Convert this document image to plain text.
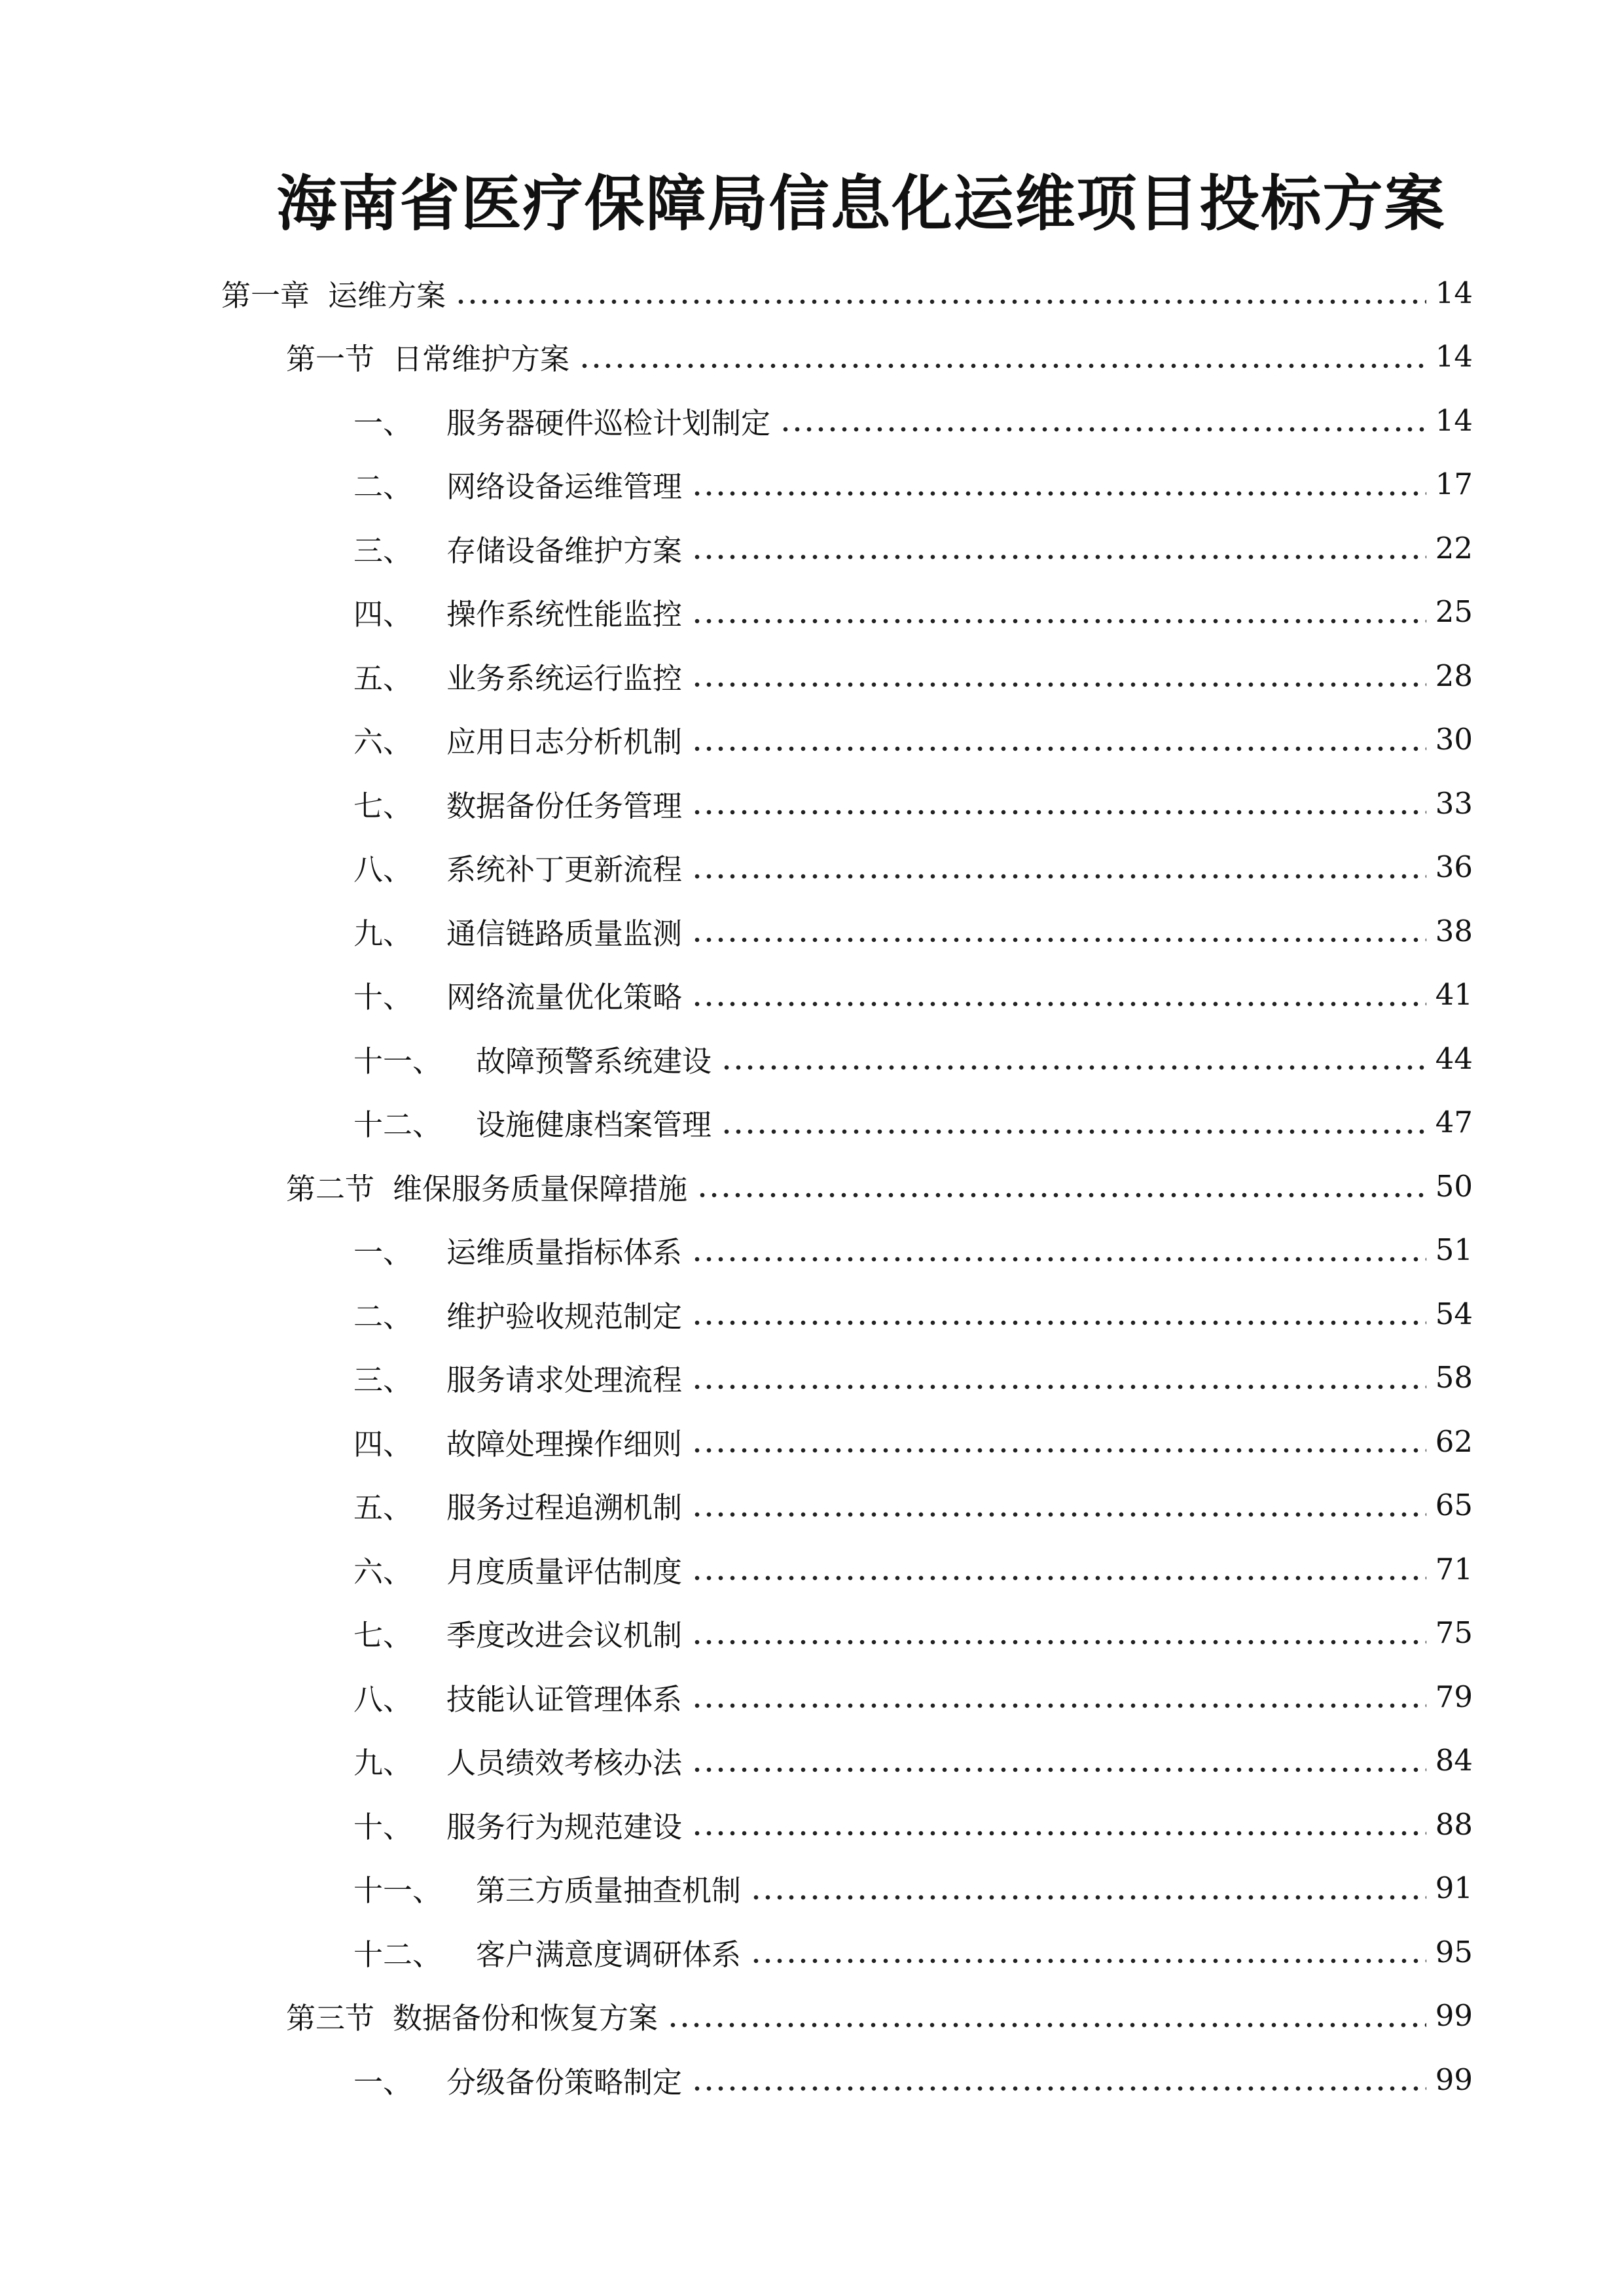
海南省医疗保障局信息化运维项目投标方案
第一章 运维方案	14
第一节 日常维护方案	14
一、 服务器硬件巡检计划制定	14
二、 网络设备运维管理	17
三、 存储设备维护方案	22
四、 操作系统性能监控	25
五、 业务系统运行监控	28
六、 应用日志分析机制	30
七、 数据备份任务管理	33
八、 系统补丁更新流程	36
九、 通信链路质量监测	38
十、 网络流量优化策略	41
十一、 故障预警系统建设	44
十二、 设施健康档案管理	47
第二节 维保服务质量保障措施	50
一、 运维质量指标体系	51
二、 维护验收规范制定	54
三、 服务请求处理流程	58
四、 故障处理操作细则	62
五、 服务过程追溯机制	65
六、 月度质量评估制度	71
七、 季度改进会议机制	75
八、 技能认证管理体系	79
九、 人员绩效考核办法	84
十、 服务行为规范建设	88
十一、 第三方质量抽查机制	91
十二、 客户满意度调研体系	95
第三节 数据备份和恢复方案	99
一、 分级备份策略制定	99
